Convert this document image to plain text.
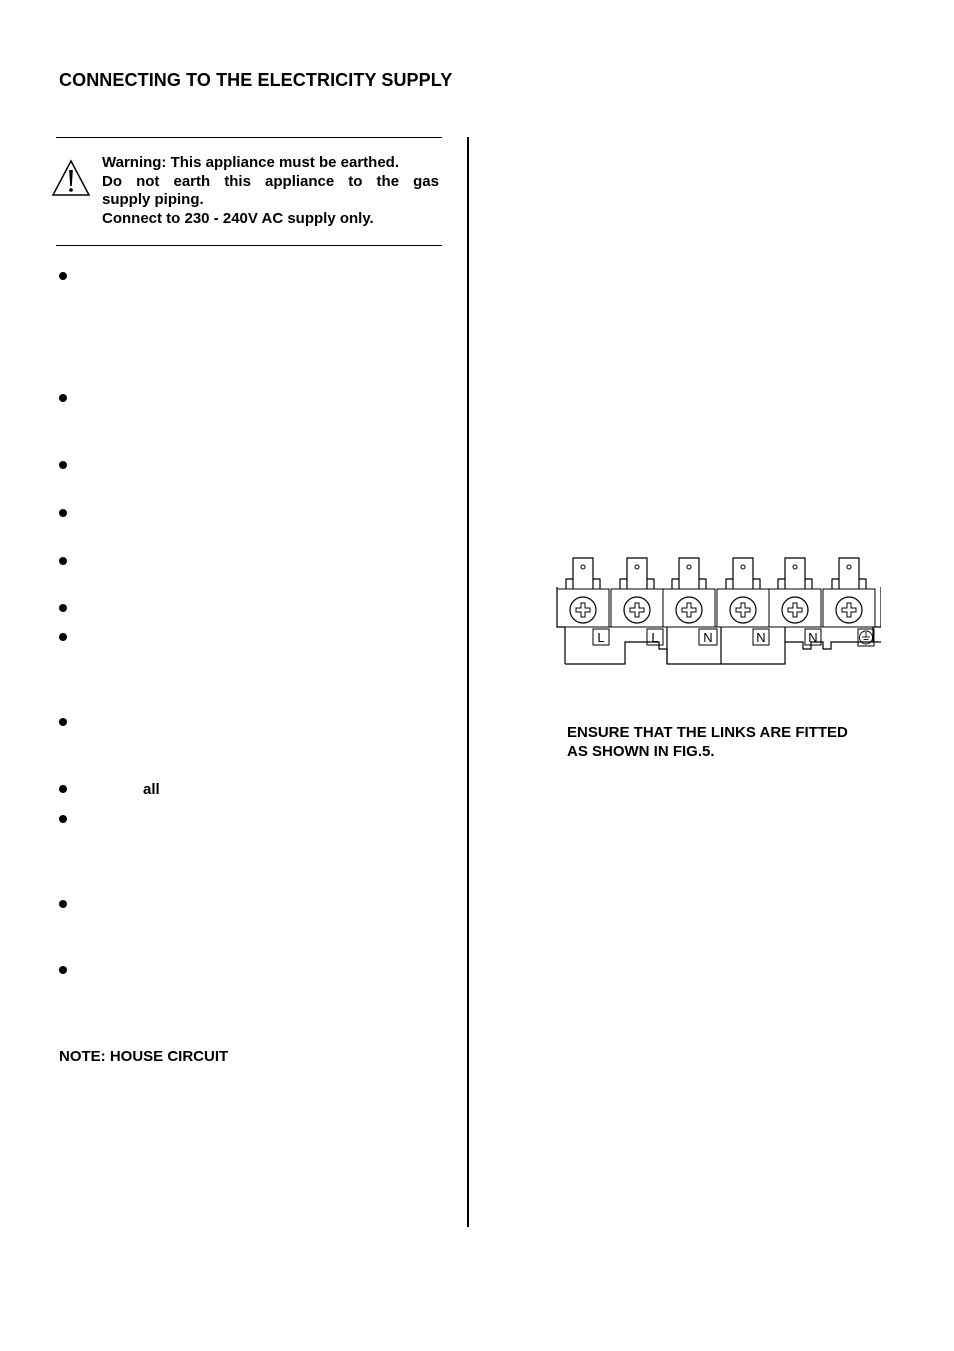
CONNECTING TO THE ELECTRICITY SUPPLY
Warning: This appliance must be earthed.
Do not earth this appliance to the gas
supply piping.
Connect to 230 - 240V AC supply only.
all
NOTE: HOUSE CIRCUIT
L	L	N	N	N
ENSURE THAT THE LINKS ARE FITTED
AS SHOWN IN FIG.5.
